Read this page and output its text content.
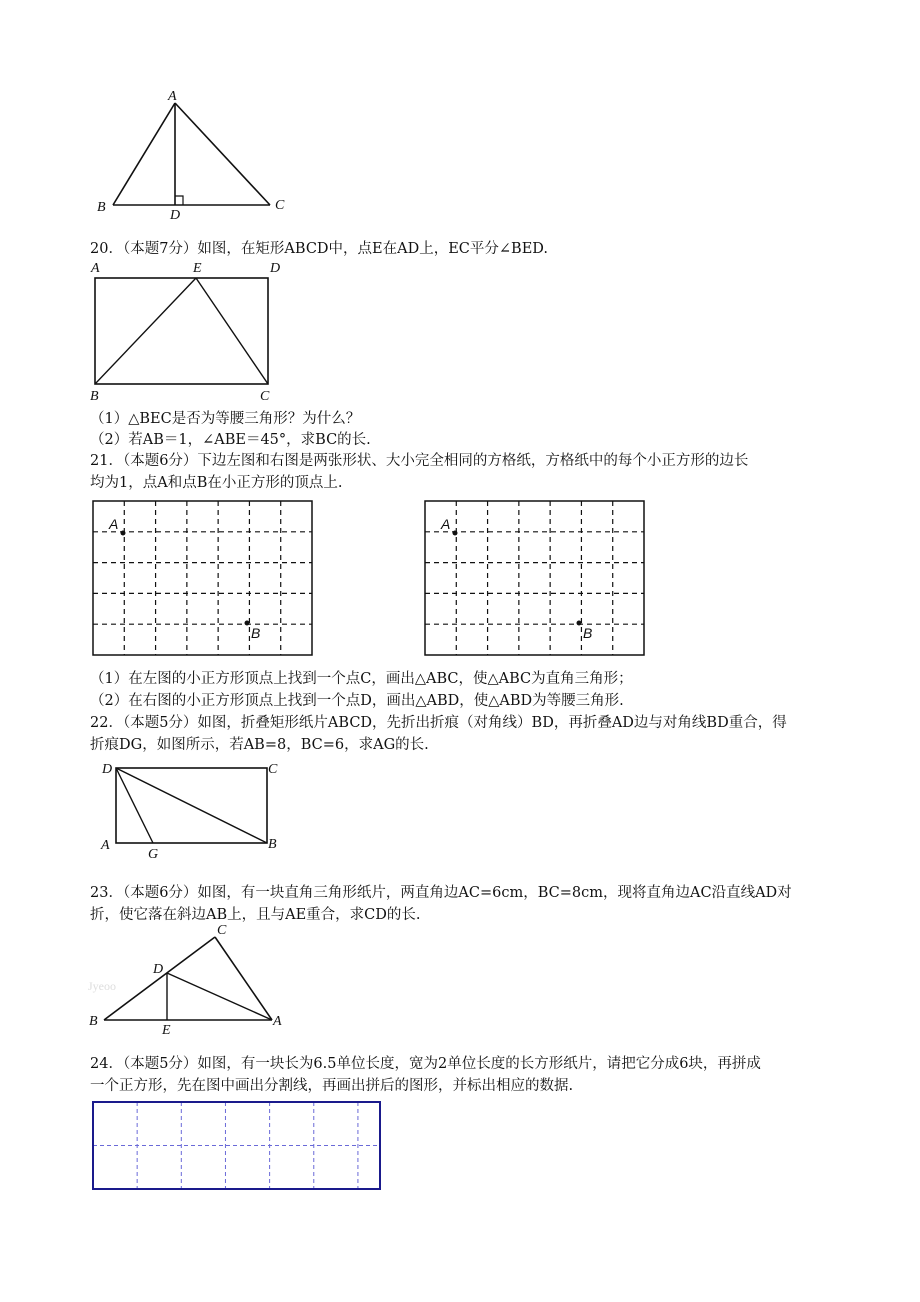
A
B	C
D
20．（本题7分）如图，在矩形ABCD中，点E在AD上，EC平分∠BED.
A	E	D
B	C
（1）△BEC是否为等腰三角形？为什么？
（2）若AB＝1，∠ABE＝45°，求BC的长.
21．（本题6分）下边左图和右图是两张形状、大小完全相同的方格纸，方格纸中的每个小正方形的边长
均为1，点A和点B在小正方形的顶点上.
A
B
A
B
（1）在左图的小正方形顶点上找到一个点C，画出△ABC，使△ABC为直角三角形；
（2）在右图的小正方形顶点上找到一个点D，画出△ABD，使△ABD为等腰三角形.
22．（本题5分）如图，折叠矩形纸片ABCD，先折出折痕（对角线）BD，再折叠AD边与对角线BD重合，得
折痕DG，如图所示，若AB=8，BC=6，求AG的长.
D	C
A
G
B
23．（本题6分）如图，有一块直角三角形纸片，两直角边AC=6cm，BC=8cm，现将直角边AC沿直线AD对
折，使它落在斜边AB上，且与AE重合，求CD的长.
Jyeoo
C
D
B
E
A
24．（本题5分）如图，有一块长为6.5单位长度，宽为2单位长度的长方形纸片，请把它分成6块，再拼成
一个正方形，先在图中画出分割线，再画出拼后的图形，并标出相应的数据.
